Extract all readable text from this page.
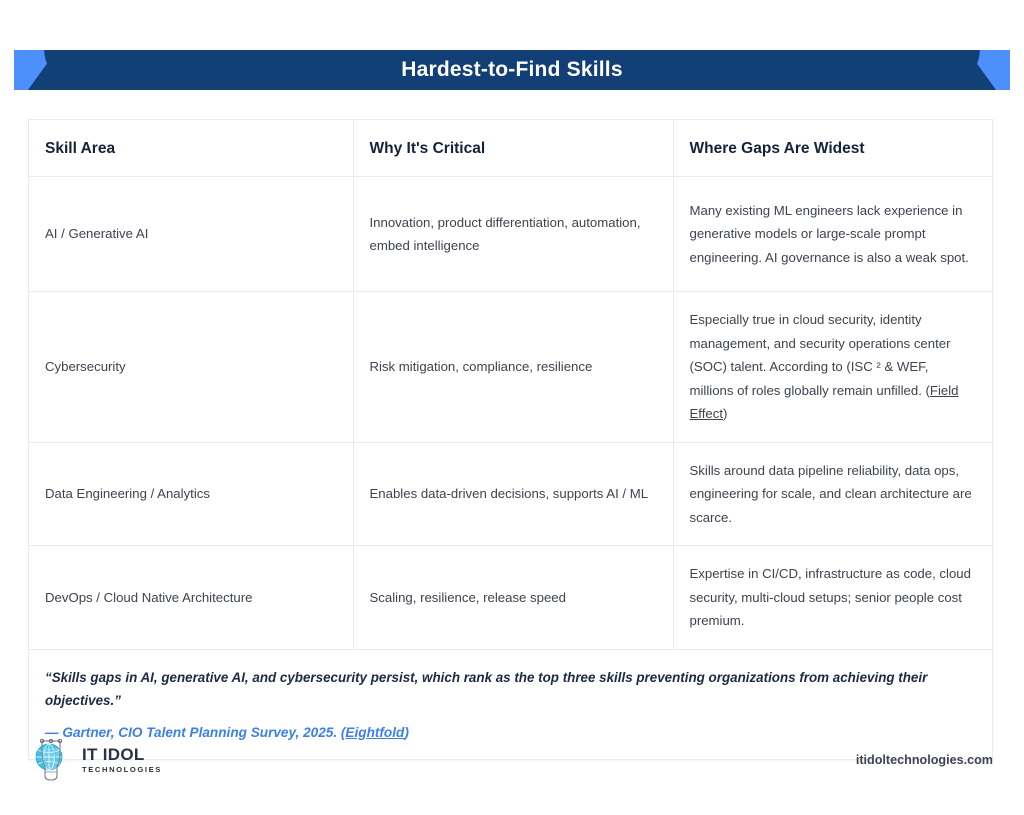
Hardest-to-Find Skills
Skill Area	Why It's Critical	Where Gaps Are Widest
AI / Generative AI	Innovation, product differentiation, automation, embed intelligence	Many existing ML engineers lack experience in generative models or large-scale prompt engineering. AI governance is also a weak spot.
Cybersecurity	Risk mitigation, compliance, resilience	Especially true in cloud security, identity management, and security operations center (SOC) talent. According to (ISC ² & WEF, millions of roles globally remain unfilled. (Field Effect)
Data Engineering / Analytics	Enables data-driven decisions, supports AI / ML	Skills around data pipeline reliability, data ops, engineering for scale, and clean architecture are scarce.
DevOps / Cloud Native Architecture	Scaling, resilience, release speed	Expertise in CI/CD, infrastructure as code, cloud security, multi-cloud setups; senior people cost premium.

“Skills gaps in AI, generative AI, and cybersecurity persist, which rank as the top three skills preventing organizations from achieving their objectives.”

— Gartner, CIO Talent Planning Survey, 2025. (Eightfold)		

IT IDOL
TECHNOLOGIES
itidoltechnologies.com
